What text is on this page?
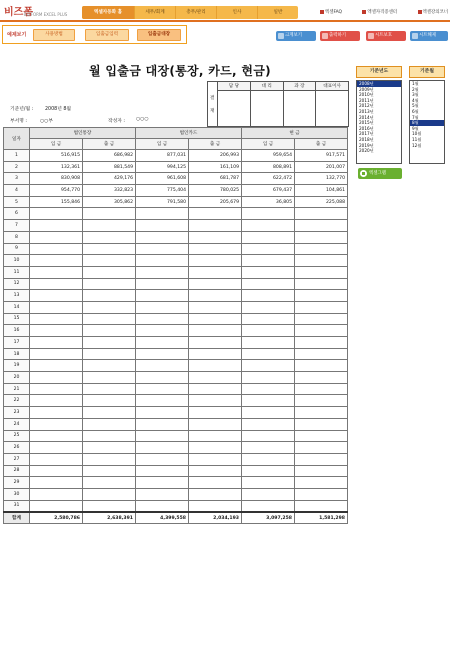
비즈폼
BIZFORM EXCEL PLUS	엑셀자동화 홈	세무/회계	총무/관리	인사	일반	엑셀FAQ	엑셀자격증센터	엑셀강의코너
예제보기	사용방법	입출금입력	입출금대장	크게보기	출력하기	시트보호	시트해제
월 입출금 대장(통장, 카드, 현금)
결
재
담 당	대 리	과 장	대표이사
기준년/월 : 2008년 8월
부서명 :	○○부	작성자 : ○○○
일자	법인통장		법인카드		현 금	
	입 금	출 금	입 금	출 금	입 금	출 금
1	516,915	686,982	877,031	206,993	959,654	917,571
2	132,361	881,549	994,125	161,109	808,891	201,007
3	830,908	429,176	961,608	681,787	622,472	132,770
4	954,770	332,823	775,404	780,025	679,437	104,861
5	155,846	305,862	791,580	205,679	36,805	225,088
6						
7						
8						
9						
10						
11						
12						
13						
14						
15						
16						
17						
18						
19						
20						
21						
22						
23						
24						
25						
26						
27						
28						
29						
30						
31						
합계	2,580,786	2,638,391	4,399,558	2,034,193	3,097,258	1,581,298
기준년도
2008년
2009년
2010년
2011년
2012년
2013년
2014년
2015년
2016년
2017년
2018년
2019년
2020년
기준월
1월
2월
3월
4월
5월
6월
7월
8월
9월
10월
11월
12월
엑셀그램
